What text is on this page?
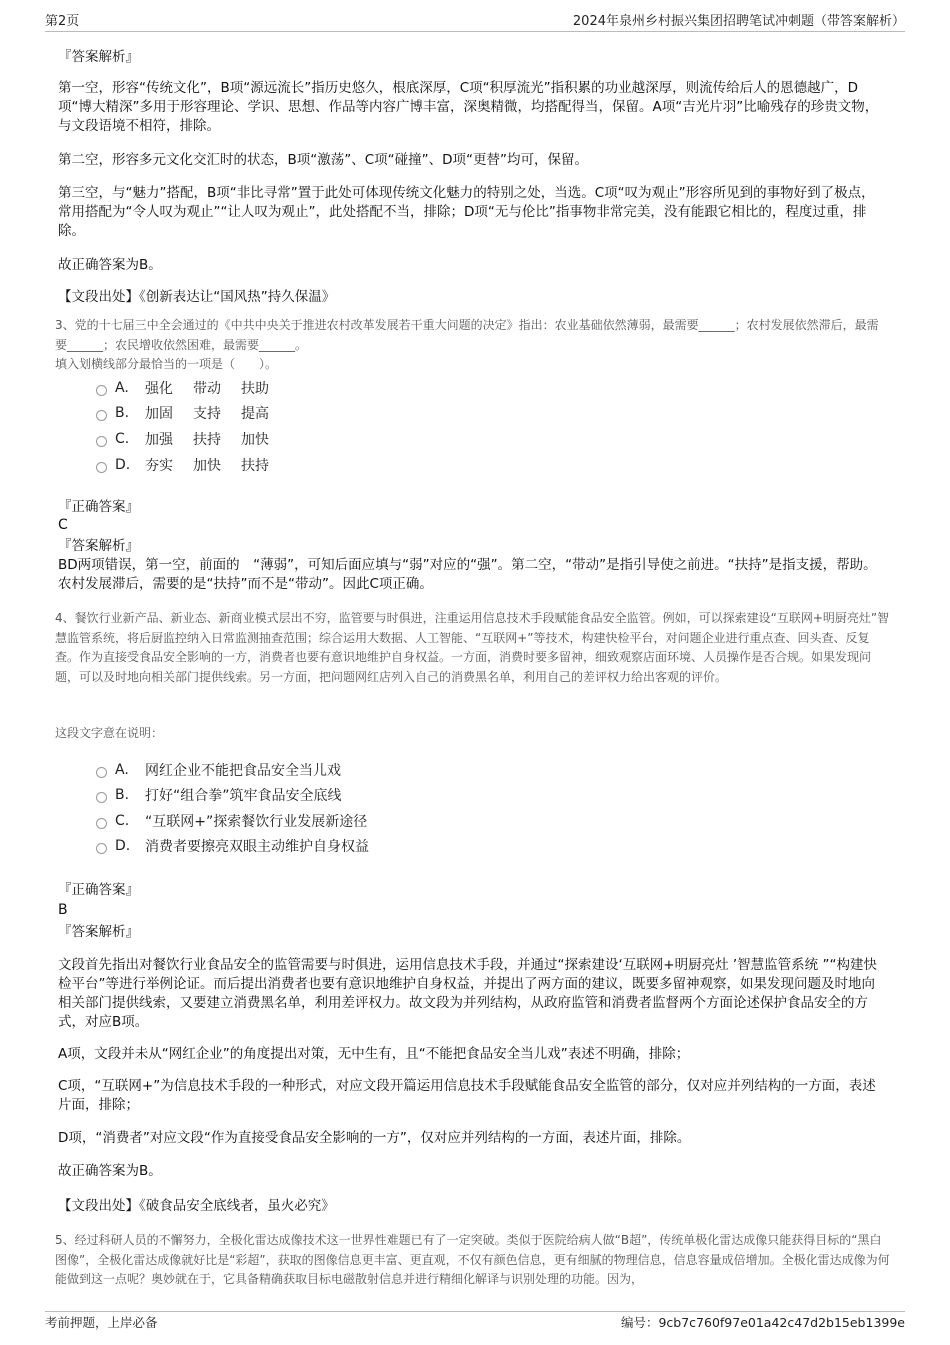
第2页	2024年泉州乡村振兴集团招聘笔试冲刺题（带答案解析）
『答案解析』
第一空，形容“传统文化”，B项“源远流长”指历史悠久，根底深厚，C项“积厚流光”指积累的功业越深厚，则流传给后人的恩德越广，D项“博大精深”多用于形容理论、学识、思想、作品等内容广博丰富，深奥精微，均搭配得当，保留。A项“吉光片羽”比喻残存的珍贵文物，与文段语境不相符，排除。
第二空，形容多元文化交汇时的状态，B项“激荡”、C项“碰撞”、D项“更替”均可，保留。
第三空，与“魅力”搭配，B项“非比寻常”置于此处可体现传统文化魅力的特别之处，当选。C项“叹为观止”形容所见到的事物好到了极点，常用搭配为“令人叹为观止”“让人叹为观止”，此处搭配不当，排除；D项“无与伦比”指事物非常完美，没有能跟它相比的，程度过重，排除。
故正确答案为B。
【文段出处】《创新表达让“国风热”持久保温》
3、党的十七届三中全会通过的《中共中央关于推进农村改革发展若干重大问题的决定》指出：农业基础依然薄弱，最需要______；农村发展依然滞后，最需要______；农民增收依然困难，最需要______。
填入划横线部分最恰当的一项是（　　）。
A.	强化 带动 扶助
B.	加固 支持 提高
C.	加强 扶持 加快
D.	夯实 加快 扶持
『正确答案』
C
『答案解析』
BD两项错误，第一空，前面的　“薄弱”，可知后面应填与“弱”对应的“强”。第二空，“带动”是指引导使之前进。“扶持”是指支援，帮助。农村发展滞后，需要的是“扶持”而不是“带动”。因此C项正确。
4、餐饮行业新产品、新业态、新商业模式层出不穷，监管要与时俱进，注重运用信息技术手段赋能食品安全监管。例如，可以探索建设“互联网+明厨亮灶”智慧监管系统，将后厨监控纳入日常监测抽查范围；综合运用大数据、人工智能、“互联网+”等技术，构建快检平台，对问题企业进行重点查、回头查、反复查。作为直接受食品安全影响的一方，消费者也要有意识地维护自身权益。一方面，消费时要多留神，细致观察店面环境、人员操作是否合规。如果发现问题，可以及时地向相关部门提供线索。另一方面，把问题网红店列入自己的消费黑名单，利用自己的差评权力给出客观的评价。
这段文字意在说明：
A.	网红企业不能把食品安全当儿戏
B.	打好“组合拳”筑牢食品安全底线
C.	“互联网+”探索餐饮行业发展新途径
D.	消费者要擦亮双眼主动维护自身权益
『正确答案』
B
『答案解析』
文段首先指出对餐饮行业食品安全的监管需要与时俱进，运用信息技术手段，并通过“探索建设‘互联网+明厨亮灶 ’智慧监管系统 ”“构建快检平台”等进行举例论证。而后提出消费者也要有意识地维护自身权益，并提出了两方面的建议，既要多留神观察，如果发现问题及时地向相关部门提供线索，又要建立消费黑名单，利用差评权力。故文段为并列结构，从政府监管和消费者监督两个方面论述保护食品安全的方式，对应B项。
A项，文段并未从“网红企业”的角度提出对策，无中生有，且“不能把食品安全当儿戏”表述不明确，排除；
C项，“互联网+”为信息技术手段的一种形式，对应文段开篇运用信息技术手段赋能食品安全监管的部分，仅对应并列结构的一方面，表述片面，排除；
D项，“消费者”对应文段“作为直接受食品安全影响的一方”，仅对应并列结构的一方面，表述片面，排除。
故正确答案为B。
【文段出处】《破食品安全底线者，虽火必究》
5、经过科研人员的不懈努力，全极化雷达成像技术这一世界性难题已有了一定突破。类似于医院给病人做“B超”，传统单极化雷达成像只能获得目标的“黑白图像”，全极化雷达成像就好比是“彩超”，获取的图像信息更丰富、更直观，不仅有颜色信息，更有细腻的物理信息，信息容量成倍增加。全极化雷达成像为何能做到这一点呢？奥妙就在于，它具备精确获取目标电磁散射信息并进行精细化解译与识别处理的功能。因为，
考前押题，上岸必备	编号：9cb7c760f97e01a42c47d2b15eb1399e
